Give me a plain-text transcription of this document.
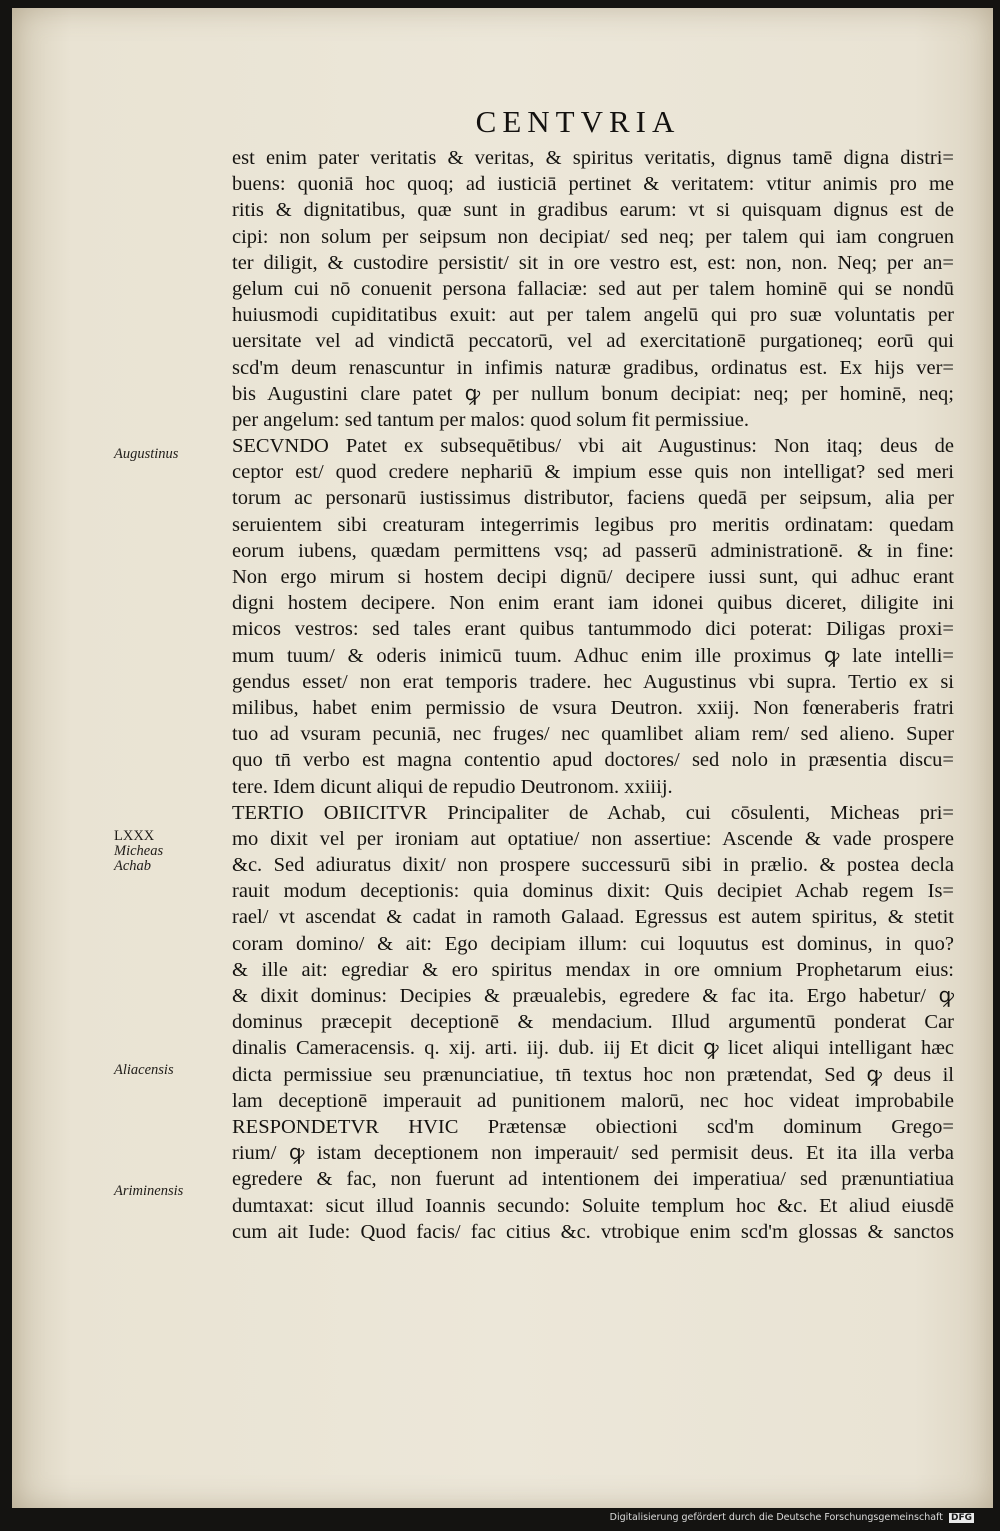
CENTVRIA
est enim pater veritatis & veritas, & spiritus veritatis, dignus tamē digna distri=
buens: quoniā hoc quoq; ad iusticiā pertinet & veritatem: vtitur animis pro me
ritis & dignitatibus, quæ sunt in gradibus earum: vt si quisquam dignus est de
cipi: non solum per seipsum non decipiat/ sed neq; per talem qui iam congruen
ter diligit, & custodire persistit/ sit in ore vestro est, est: non, non. Neq; per an=
gelum cui nō conuenit persona fallaciæ: sed aut per talem hominē qui se nondū
huiusmodi cupiditatibus exuit: aut per talem angelū qui pro suæ voluntatis per
uersitate vel ad vindictā peccatorū, vel ad exercitationē purgationeq; eorū qui
scd'm deum renascuntur in infimis naturæ gradibus, ordinatus est. Ex hijs ver=
bis Augustini clare patet ꝙ per nullum bonum decipiat: neq; per hominē, neq;
per angelum: sed tantum per malos: quod solum fit permissiue.
SECVNDO Patet ex subsequētibus/ vbi ait Augustinus: Non itaq; deus de
ceptor est/ quod credere nephariū & impium esse quis non intelligat? sed meri
torum ac personarū iustissimus distributor, faciens quedā per seipsum, alia per
seruientem sibi creaturam integerrimis legibus pro meritis ordinatam: quedam
eorum iubens, quædam permittens vsq; ad passerū administrationē. & in fine:
Non ergo mirum si hostem decipi dignū/ decipere iussi sunt, qui adhuc erant
digni hostem decipere. Non enim erant iam idonei quibus diceret, diligite ini
micos vestros: sed tales erant quibus tantummodo dici poterat: Diligas proxi=
mum tuum/ & oderis inimicū tuum. Adhuc enim ille proximus ꝙ late intelli=
gendus esset/ non erat temporis tradere. hec Augustinus vbi supra. Tertio ex si
milibus, habet enim permissio de vsura Deutron. xxiij. Non fœneraberis fratri
tuo ad vsuram pecuniā, nec fruges/ nec quamlibet aliam rem/ sed alieno. Super
quo tn̄ verbo est magna contentio apud doctores/ sed nolo in præsentia discu=
tere. Idem dicunt aliqui de repudio Deutronom. xxiiij.
TERTIO OBIICITVR Principaliter de Achab, cui cōsulenti, Micheas pri=
mo dixit vel per ironiam aut optatiue/ non assertiue: Ascende & vade prospere
&c. Sed adiuratus dixit/ non prospere successurū sibi in prælio. & postea decla
rauit modum deceptionis: quia dominus dixit: Quis decipiet Achab regem Is=
rael/ vt ascendat & cadat in ramoth Galaad. Egressus est autem spiritus, & stetit
coram domino/ & ait: Ego decipiam illum: cui loquutus est dominus, in quo?
& ille ait: egrediar & ero spiritus mendax in ore omnium Prophetarum eius:
& dixit dominus: Decipies & præualebis, egredere & fac ita. Ergo habetur/ ꝙ
dominus præcepit deceptionē & mendacium. Illud argumentū ponderat Car
dinalis Cameracensis. q. xij. arti. iij. dub. iij Et dicit ꝙ licet aliqui intelligant hæc
dicta permissiue seu prænunciatiue, tn̄ textus hoc non prætendat, Sed ꝙ deus il
lam deceptionē imperauit ad punitionem malorū, nec hoc videat improbabile
RESPONDETVR HVIC Prætensæ obiectioni scd'm dominum Grego=
rium/ ꝙ istam deceptionem non imperauit/ sed permisit deus. Et ita illa verba
egredere & fac, non fuerunt ad intentionem dei imperatiua/ sed prænuntiatiua
dumtaxat: sicut illud Ioannis secundo: Soluite templum hoc &c. Et aliud eiusdē
cum ait Iude: Quod facis/ fac citius &c. vtrobique enim scd'm glossas & sanctos
Augustinus
LXXX
Micheas
Achab
Aliacensis
Ariminensis
Digitalisierung gefördert durch die Deutsche Forschungsgemeinschaft DFG
